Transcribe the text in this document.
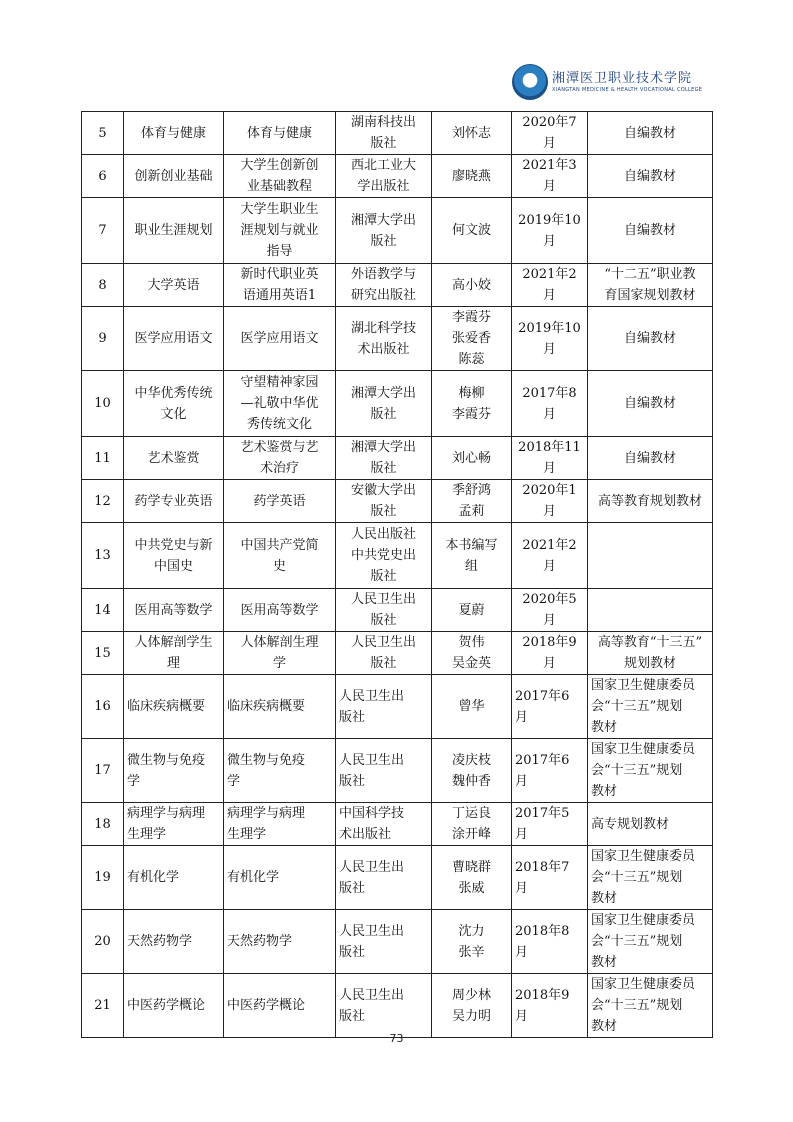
湘潭医卫职业技术学院
XIANGTAN MEDICINE & HEALTH VOCATIONAL COLLEGE
5	体育与健康	体育与健康	湖南科技出
版社	刘怀志	2020年7
月	自编教材

6	创新创业基础	大学生创新创
业基础教程	西北工业大
学出版社	廖晓燕	2021年3
月	自编教材

7	职业生涯规划	大学生职业生
涯规划与就业
指导	湘潭大学出
版社	何文波	2019年10
月	自编教材

8	大学英语	新时代职业英
语通用英语1	外语教学与
研究出版社	高小姣	2021年2
月	“十二五”职业教
育国家规划教材

9	医学应用语文	医学应用语文	湖北科学技
术出版社	李霞芬
张爱香
陈蕊	2019年10
月	自编教材

10	中华优秀传统
文化	守望精神家园
—礼敬中华优
秀传统文化	湘潭大学出
版社	梅柳
李霞芬	2017年8
月	自编教材

11	艺术鉴赏	艺术鉴赏与艺
术治疗	湘潭大学出
版社	刘心畅	2018年11
月	自编教材

12	药学专业英语	药学英语	安徽大学出
版社	季舒鸿
孟莉	2020年1
月	高等教育规划教材

13	中共党史与新
中国史	中国共产党简
史	人民出版社
中共党史出
版社	本书编写
组	2021年2
月	

14	医用高等数学	医用高等数学	人民卫生出
版社	夏蔚	2020年5
月	

15	人体解剖学生
理	人体解剖生理
学	人民卫生出
版社	贺伟
吴金英	2018年9
月	高等教育“十三五”
规划教材

16	临床疾病概要	临床疾病概要	人民卫生出
版社	曾华	2017年6
月	国家卫生健康委员
会“十三五”规划
教材

17	微生物与免疫
学	微生物与免疫
学	人民卫生出
版社	凌庆枝
魏仲香	2017年6
月	国家卫生健康委员
会“十三五”规划
教材

18	病理学与病理
生理学	病理学与病理
生理学	中国科学技
术出版社	丁运良
涂开峰	2017年5
月	高专规划教材

19	有机化学	有机化学	人民卫生出
版社	曹晓群
张威	2018年7
月	国家卫生健康委员
会“十三五”规划
教材

20	天然药物学	天然药物学	人民卫生出
版社	沈力
张辛	2018年8
月	国家卫生健康委员
会“十三五”规划
教材

21	中医药学概论	中医药学概论	人民卫生出
版社	周少林
吴力明	2018年9
月	国家卫生健康委员
会“十三五”规划
教材
73
